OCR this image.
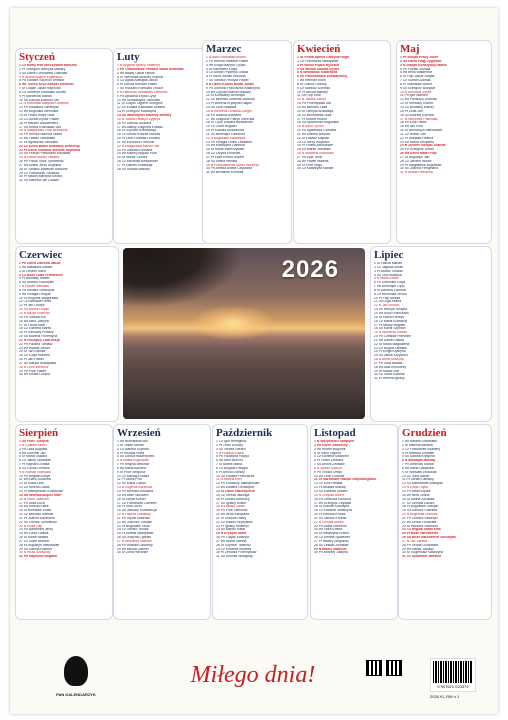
Styczeń
1 Cz Nowy Rok Mieczysław Mieszko
2 Pt Grzegorz Narcyza Makary
3 So Daniel Genowefa Zdzisław
4 N Aniela Angela Eugeniusz
5 Pn Edward Szymon Telesfor
6 Wt Trzech Króli Kacper Melchior
7 Śr Lucjan Julian Rajmund
8 Cz Seweryn Mścisław Juliusz
9 Pt Marcelina Marian
10 So Danuta Wilhelm Jan
11 N Honorata Matylda Krzesimir
12 Pn Arkadiusz Benedykt
13 Wt Bogumiła Weronika
14 Śr Feliks Hilary Nina
15 Cz Arnold Izydor Paweł
16 Pt Marceli Włodzimierz
17 So Antoni Rościsław Jan
18 N Małgorzata Piotr Beatrycze
19 Pn Henryk Mariusz Marta
20 Wt Fabian Sebastian
21 Śr Agnieszka Jarosław
22 Cz Dzień Babci Anastazy Wincenty
23 Pt Dzień Dziadka Ildefons Rajmund
24 So Felicja Franciszek Mirosław
25 N Paweł Miłosz Tatiana
26 Pn Paula Tytus Tymoteusz
27 Wt Aniela Jerzy Angelika
28 Śr Tomasz Walerian Radomir
29 Cz Franciszek Zdzisław
30 Pt Maciej Martyna Gerard
31 So Marcela Jan Ludwik
Luty
1 N Brygida Ignacy Seweryn
2 Pn Ofiarowanie Pańskie Maria Mirosław
3 Wt Błażej Oskar Hipolit
4 Śr Weronika Andrzej Joanna
5 Cz Agata Adelajda Jakub
6 Pt Dorota Bohdan Paweł
7 So Ryszard Romuald Teodor
8 N Hieronim Sebastian Ziemowit
9 Pn Apolonia Eryka Cyryl
10 Wt Scholastyka Tomisław
11 Śr Lucjan Olgierd Grzegorz
12 Cz Eulalia Radosław Modest
13 Pt Grzegorz Katarzyna
14 So Walentynki Walenty Metody
15 N Jowita Faustyn Zygfryd
16 Pn Danuta Julianna
17 Wt Aleksy Zbigniew Łukasz
18 Śr Szymon Konstancja
19 Cz Arnold Konrad Marceli
20 Pt Leon Ludmiła Leonard
21 So Eleonora Fortunat
22 N Małgorzata Marta Piotr
23 Pn Damian Romana
24 Wt Maciej Bogusz Piotr
25 Śr Wiktor Cezary
26 Cz Mirosław Aleksander
27 Pt Gabriel Anastazja
28 So Roman Makary
Marzec
1 N Albin Radosław Antoni
2 Pn Helena Halszka Paweł
3 Wt Kinga Maryna Tycjan
4 Śr Kazimierz Łucja
5 Cz Adrian Fryderyk Oliwia
6 Pt Róża Jordan Wiktoria
7 So Tomasz Felicyta Paweł
8 N Dzień Kobiet Beata Julian
9 Pn Dominik Franciszka Katarzyna
10 Wt Cyprian Marcel Makary
11 Śr Konstanty Benedykt
12 Cz Bernard Józefina Wiktoria
13 Pt Bożena Krystyna Kasjan
14 So Leon Matylda
15 N Klemens Ludwika Longin
16 Pn Izabela Hiacynta
17 Wt Zbigniew Patryk Gertruda
18 Śr Cyryl Edward Aleksander
19 Cz Józef Bogdan
20 Pt Klaudia Aleksandra
21 So Benedykt Lubomira
22 N Bogusław Katarzyna
23 Pn Pelagia Feliks Oktawian
24 Wt Katarzyna Gabriela
25 Śr Maria Wieńczysław
26 Cz Larysa Emanuel
27 Pt Lidia Ernest Rupert
28 So Aniela Renata
29 N Przestawienie czasu Wiktoryn
30 Pn Amelia Aniela Częstobor
31 Wt Beniamin Kornelia
Kwiecień
1 Śr Prima Aprilis Grażyna Hugo
2 Cz Franciszek Władysław
3 Pt Wielki Piątek Ryszard
4 So Wielka Sobota Izydor
5 N Wielkanoc Katarzyna
6 Pn Poniedziałek Wielkanocny
7 Wt Herman Rufin
8 Śr Juliusz Dionizy
9 Cz Mariusz Dominik
10 Pt Michał Makary
11 So Filip Leon
12 N Juliusz Zenon
13 Pn Przemysław Ida
14 Wt Bernard Lidia
15 Śr Olimpia Anastazja
16 Cz Bernadetta Julia
17 Pt Robert Rudolf
18 So Apoloniusz Bogusław
19 N Adolf Tymon
20 Pn Agnieszka Czesław
21 Wt Anzelm Bartosz
22 Śr Łukasz Kajetan
23 Cz Jerzy Wojciech
24 Pt Fidelis Aleksander
25 So Marek Jarosław
26 N Marzena Klaudiusz
27 Pn Zyta Teofil
28 Wt Paweł Waleria
29 Śr Piotr Hugo
30 Cz Katarzyna Marian
Maj
1 Pt Święto Pracy Józef
2 So Dzień Flagi Zygmunt
3 N Święto Konstytucji Maria
4 Pn Florian Monika
5 Wt Irena Waldemar
6 Śr Filip Jakub Judyta
7 Cz Gizela Ludmiła
8 Pt Stanisław Wiktor
9 So Grzegorz Bożydar
10 N Antonina Izydor
11 Pn Igor Mamert
12 Wt Pankracy Dominik
13 Śr Serwacy Robert
14 Cz Bonifacy Maciej
15 Pt Zofia Jan
16 So Andrzej Szymon
17 N Weronika Paschalis
18 Pn Eryk Feliks
19 Wt Iwo Piotr
20 Śr Bernardyn Aleksander
21 Cz Wiktor Jan
22 Pt Wiesław Helena
23 So Iwona Dezydery
24 N Zielone Świątki Joanna
25 Pn Grzegorz Urban
26 Wt Dzień Matki Filip
27 Śr Augustyn Jan
28 Cz Jaromir Wiktor
29 Pt Magdalena Bogusław
30 So Joanna Ferdynand
31 N Aniela Petronela
Czerwiec
1 Pn Dzień Dziecka Jakub
2 Wt Marianna Marian
3 Śr Leszek Karol
4 Cz Boże Ciało Franciszek
5 Pt Bonifacy Walter
6 So Norbert Klaudiusz
7 N Robert Wiesław
8 Pn Medard Seweryna
9 Wt Pelagia Felicjan
10 Śr Bogumił Małgorzata
11 Cz Barnaba Feliks
12 Pt Jan Onufry
13 So Antoni Lucjan
14 N Bazyli Elizeusz
15 Pn Jolanta Wit
16 Wt Alina Justyna
17 Śr Laura Adolf
18 Cz Elżbieta Marek
19 Pt Gerwazy Protazy
20 So Bożena Florentyna
21 N Początek Lata Alicja
22 Pn Paulina Tomasz
23 Wt Wanda Zenon
24 Śr Jan Danuta
25 Cz Łucja Wilhelm
26 Pt Jan Paweł
27 So Maryla Władysław
28 N Leon Ireneusz
29 Pn Piotr Paweł
30 Wt Emilia Lucyna
2026
Lipiec
1 Śr Halina Marian
2 Cz Jagoda Urban
3 Pt Anatol Tomasz
4 So Odo Malwina
5 N Maria Antoni
6 Pn Dominika Łucja
7 Wt Benedykt Cyryl
8 Śr Adriana Elżbieta
9 Cz Weronika Zenon
10 Pt Filip Amelia
11 So Olga Kalina
12 N Jan Brunon
13 Pn Henryk Justyna
14 Wt Ulryk Franciszek
15 Śr Dawid Henryk
16 Cz Maria Eustachy
17 Pt Aleksy Bogdan
18 So Kamil Szymon
19 N Wincenty Marcin
20 Pn Czesław Hieronim
21 Wt Daniel Dalida
22 Śr Maria Magdalena
23 Cz Bogna Żelisław
24 Pt Kinga Krystyna
25 So Jakub Krzysztof
26 N Anna Grażyna
27 Pn Julia Natalia
28 Wt Aida Innocenty
29 Śr Marta Olaf
30 Cz Julita Ludmiła
31 Pt Helena Ignacy
Sierpień
1 So Piotr Justyna
2 N Gustaw Alfons
3 Pn Lidia Augusta
4 Wt Dominik Jan
5 Śr Maria Oswald
6 Cz Jakub Oktawian
7 Pt Kajetan Donata
8 So Cyriak Dominik
9 N Roman Romuald
10 Pn Bogdan Borys
11 Wt Klara Zuzanna
12 Śr Klara Lech
13 Cz Helena Diana
14 Pt Maksymilian Euzebiusz
15 So Wniebowzięcie NMP
16 N Roch Joachim
17 Pn Anita Eliza
18 Wt Helena Klara
19 Śr Bolesław Julian
20 Cz Bernard Samuel
21 Pt Joanna Kazimiera
22 So Cezary Tymoteusz
23 N Róża Filip
24 Pn Bartłomiej Jerzy
25 Wt Luiza Ludwik
26 Śr Maria Natalia
27 Cz Józef Monika
28 Pt Augustyn Aleksander
29 So Sabina Racibor
30 N Róża Szczęsny
31 Pn Rajmund Bogdan
Wrzesień
1 Wt Bronisława Idzi
2 Śr Julian Stefan
3 Cz Izabela Szymon
4 Pt Rozalia Róża
5 So Dorota Wawrzyniec
6 N Beata Eugeniusz
7 Pn Regina Melchior
8 Wt Maria Adriana
9 Śr Piotr Sergiusz
10 Cz Mikołaj Łukasz
11 Pt Jacek Prot
12 So Maria Gwido
13 N Eugenia Aureliusz
14 Pn Bernard Roksana
15 Wt Albin Nikodem
16 Śr Edyta Kornel
17 Cz Franciszek Lambert
18 Pt Irma Józef
19 So January Konstancja
20 N Filipina Eustachy
21 Pn Hipolit Mateusz
22 Wt Joachim Tomasz
23 Śr Bogusław Tekla
24 Cz Gerard Teodor
25 Pt Aurelia Władysław
26 So Justyna Cyprian
27 N Wincenty Damian
28 Pn Wacław Laurenty
29 Wt Michał Gabriel
30 Śr Zofia Hieronim
Październik
1 Cz Igor Remigiusz
2 Pt Teofil Dionizy
3 So Teresa Gerard
4 N Rozalia Edwin
5 Pn Faustyna Placyd
6 Wt Artur Brunon
7 Śr Marek Maria
8 Cz Brygida Pelagia
9 Pt Arnold Dionizy
10 So Paulina Franciszek
11 N Aldona Emil
12 Pn Eustachy Maksymilian
13 Wt Edward Geraldyna
14 Śr Dzień Nauczyciela
15 Cz Teresa Jadwiga
16 Pt Gerard Ambroży
17 So Ignacy Wiktor
18 N Łukasz Julian
19 Pn Piotr Ziemowit
20 Wt Irena Kleopatra
21 Śr Urszula Hilary
22 Cz Halka Przybysław
23 Pt Ignacy Seweryn
24 So Marcin Rafał
25 N Kryspin Daria
26 Pn Lucjan Ewaryst
27 Wt Iwona Sabina
28 Śr Szymon Tadeusz
29 Cz Euzebia Wioletta
30 Pt Zenobia Przemysław
31 So Urszula Wolfgang
Listopad
1 N Wszystkich Świętych
2 Pn Dzień Zaduszny
3 Wt Hubert Bogumił
4 Śr Karol Olgierd
5 Cz Elżbieta Sławomir
6 Pt Feliks Leonard
7 So Antoni Żelisław
8 N Sewer Gotfryd
9 Pn Teodor Ursyn
10 Wt Leon Ludomir
11 Śr Narodowe Święto Niepodległości
12 Cz Emil Renata
13 Pt Arkadia Mikołaj
14 So Elżbieta Serafin
15 N Leopold Albert
16 Pn Gertruda Edmund
17 Wt Grzegorz Zbysław
18 Śr Roman Klaudyna
19 Cz Elżbieta Seweryna
20 Pt Edmund Feliks
21 So Janusz Konrad
22 N Cecylia Marek
23 Pn Adela Klemens
24 Wt Flora Emma
25 Śr Katarzyna Erazm
26 Cz Delfina Sylwester
27 Pt Walery Wirgiliusz
28 So Lesław Zdzisław
29 N Błażej Saturnin
30 Pn Andrzej Justyna
Grudzień
1 Wt Natalia Sobiesław
2 Śr Balbina Bibiana
3 Cz Franciszek Ksawery
4 Pt Barbara Krystian
5 So Sabina Kryspina
6 N Mikołajki Mikołaj
7 Pn Ambroży Marcin
8 Wt Maria Światozar
9 Śr Wiesław Leokadia
10 Cz Julia Daniel
11 Pt Stefan Damazy
12 So Aleksander Adelajda
13 N Łucja Otylia
14 Pn Alfred Izydor
15 Wt Nina Celina
16 Śr Albina Zdzisław
17 Cz Olimpia Łazarz
18 Pt Bogusław Gracjan
19 So Dariusz Gabriela
20 N Bogumiła Dominik
21 Pn Tomasz Seweryn
22 Wt Zenon Honorata
23 Śr Wiktoria Sławomir
24 Cz Wigilia Adam Ewa
25 Pt Boże Narodzenie
26 So Boże Narodzenie Szczepan
27 N Jan Żaneta
28 Pn Teofila Godzisław
29 Wt Dawid Tomasz
30 Śr Eugeniusz Katarzyna
31 Cz Sylwester Melania
PAN KALENDARZYK
Miłego dnia!	5 907621 023379
2026 KL-RW x 1
